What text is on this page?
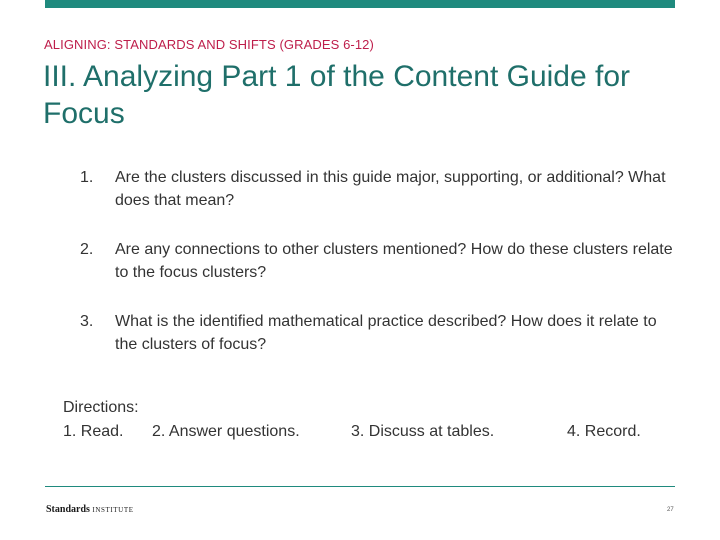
ALIGNING: STANDARDS AND SHIFTS (GRADES 6-12)
III. Analyzing Part 1 of the Content Guide for Focus
1. Are the clusters discussed in this guide major, supporting, or additional? What does that mean?
2. Are any connections to other clusters mentioned? How do these clusters relate to the focus clusters?
3. What is the identified mathematical practice described? How does it relate to the clusters of focus?
Directions:
1. Read. 2. Answer questions.	3. Discuss at tables.	4. Record.
Standards INSTITUTE	27
